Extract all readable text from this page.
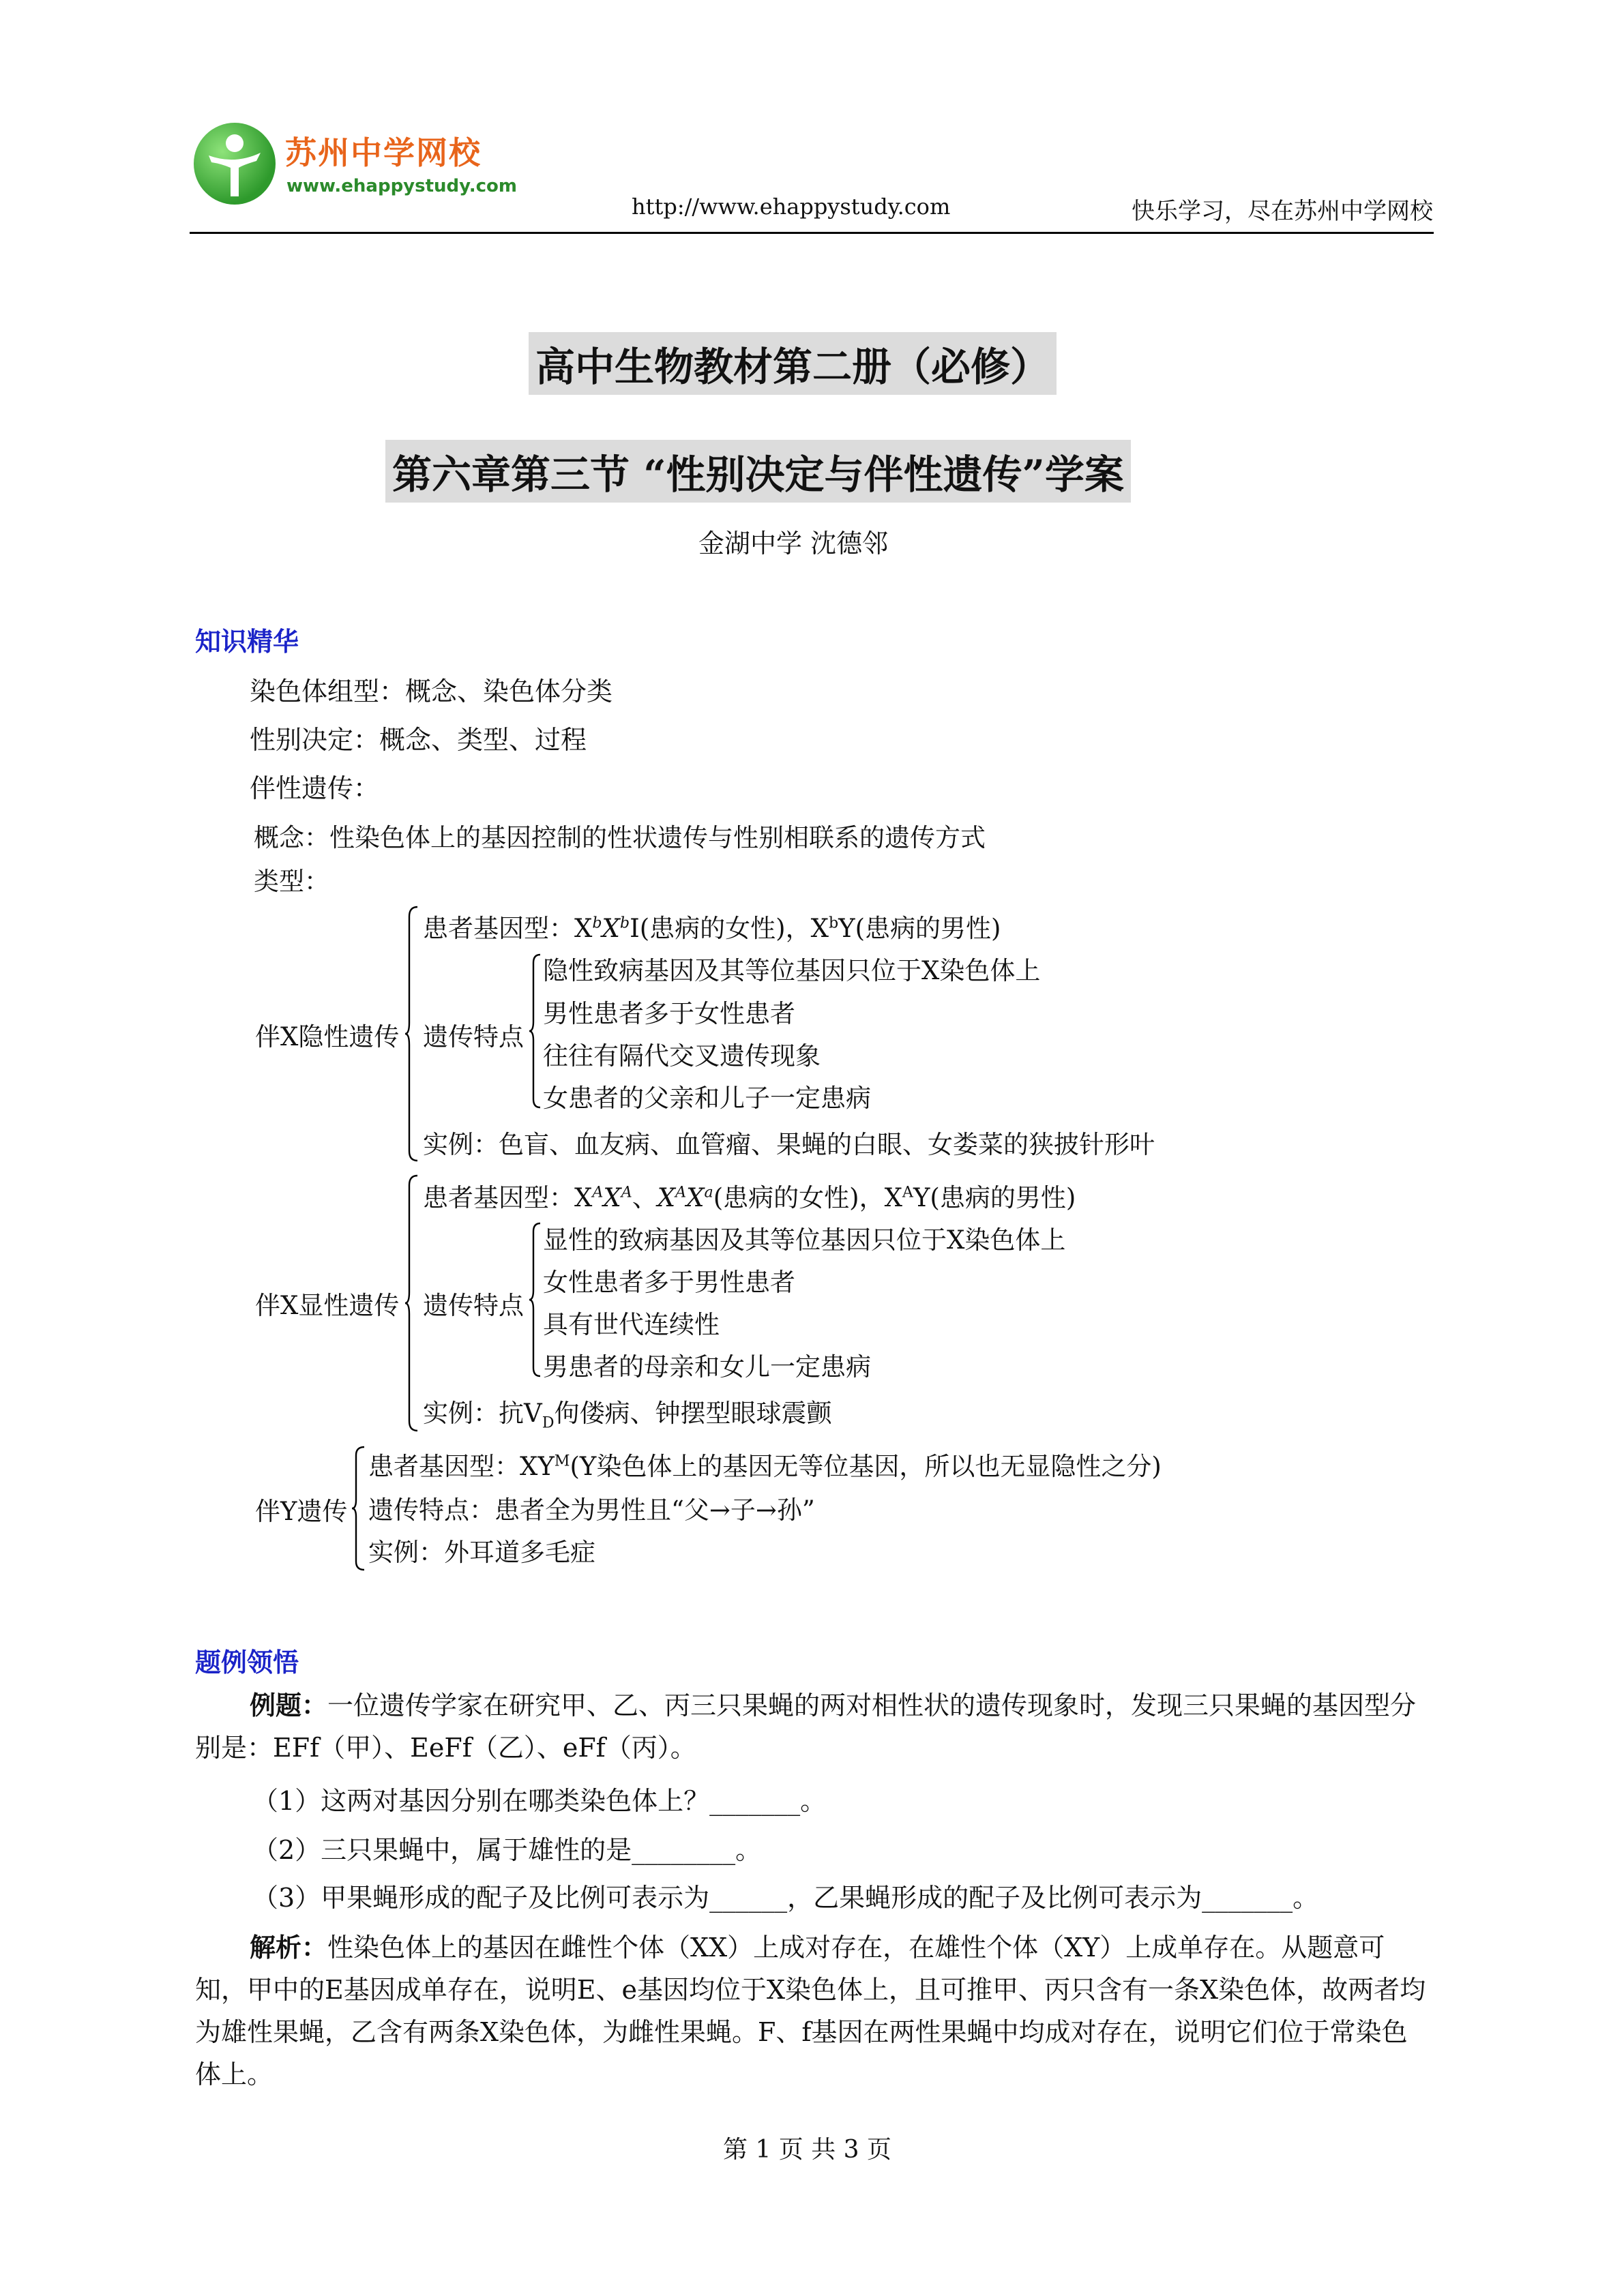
苏州中学网校
www.ehappystudy.com
http://www.ehappystudy.com	快乐学习，尽在苏州中学网校
高中生物教材第二册（必修）
第六章第三节 “性别决定与伴性遗传”学案
金湖中学 沈德邻
知识精华
染色体组型：概念、染色体分类
性别决定：概念、类型、过程
伴性遗传：
概念：性染色体上的基因控制的性状遗传与性别相联系的遗传方式
类型：
伴X隐性遗传
患者基因型：$X^bX^bI$(患病的女性)，$X^bY$(患病的男性)
遗传特点
隐性致病基因及其等位基因只位于X染色体上
男性患者多于女性患者
往往有隔代交叉遗传现象
女患者的父亲和儿子一定患病
实例：色盲、血友病、血管瘤、果蝇的白眼、女娄菜的狭披针形叶
伴X显性遗传
患者基因型：$X^AX^A$、$X^AX^a$(患病的女性)，$X^AY$(患病的男性)
遗传特点
显性的致病基因及其等位基因只位于X染色体上
女性患者多于男性患者
具有世代连续性
男患者的母亲和女儿一定患病
实例：抗$V_D$佝偻病、钟摆型眼球震颤
伴Y遗传
患者基因型：$XY^M(Y$染色体上的基因无等位基因，所以也无显隐性之分)
遗传特点：患者全为男性且“父→子→孙”
实例：外耳道多毛症
题例领悟
例题：一位遗传学家在研究甲、乙、丙三只果蝇的两对相性状的遗传现象时，发现三只果蝇的基因型分别是：EFf（甲）、EeFf（乙）、eFf（丙）。
（1）这两对基因分别在哪类染色体上？_______。
（2）三只果蝇中，属于雄性的是________。
（3）甲果蝇形成的配子及比例可表示为______，乙果蝇形成的配子及比例可表示为_______。
解析：性染色体上的基因在雌性个体（XX）上成对存在，在雄性个体（XY）上成单存在。从题意可知，甲中的E基因成单存在，说明E、e基因均位于X染色体上，且可推甲、丙只含有一条X染色体，故两者均为雄性果蝇，乙含有两条X染色体，为雌性果蝇。F、f基因在两性果蝇中均成对存在，说明它们位于常染色体上。
第 1 页 共 3 页
